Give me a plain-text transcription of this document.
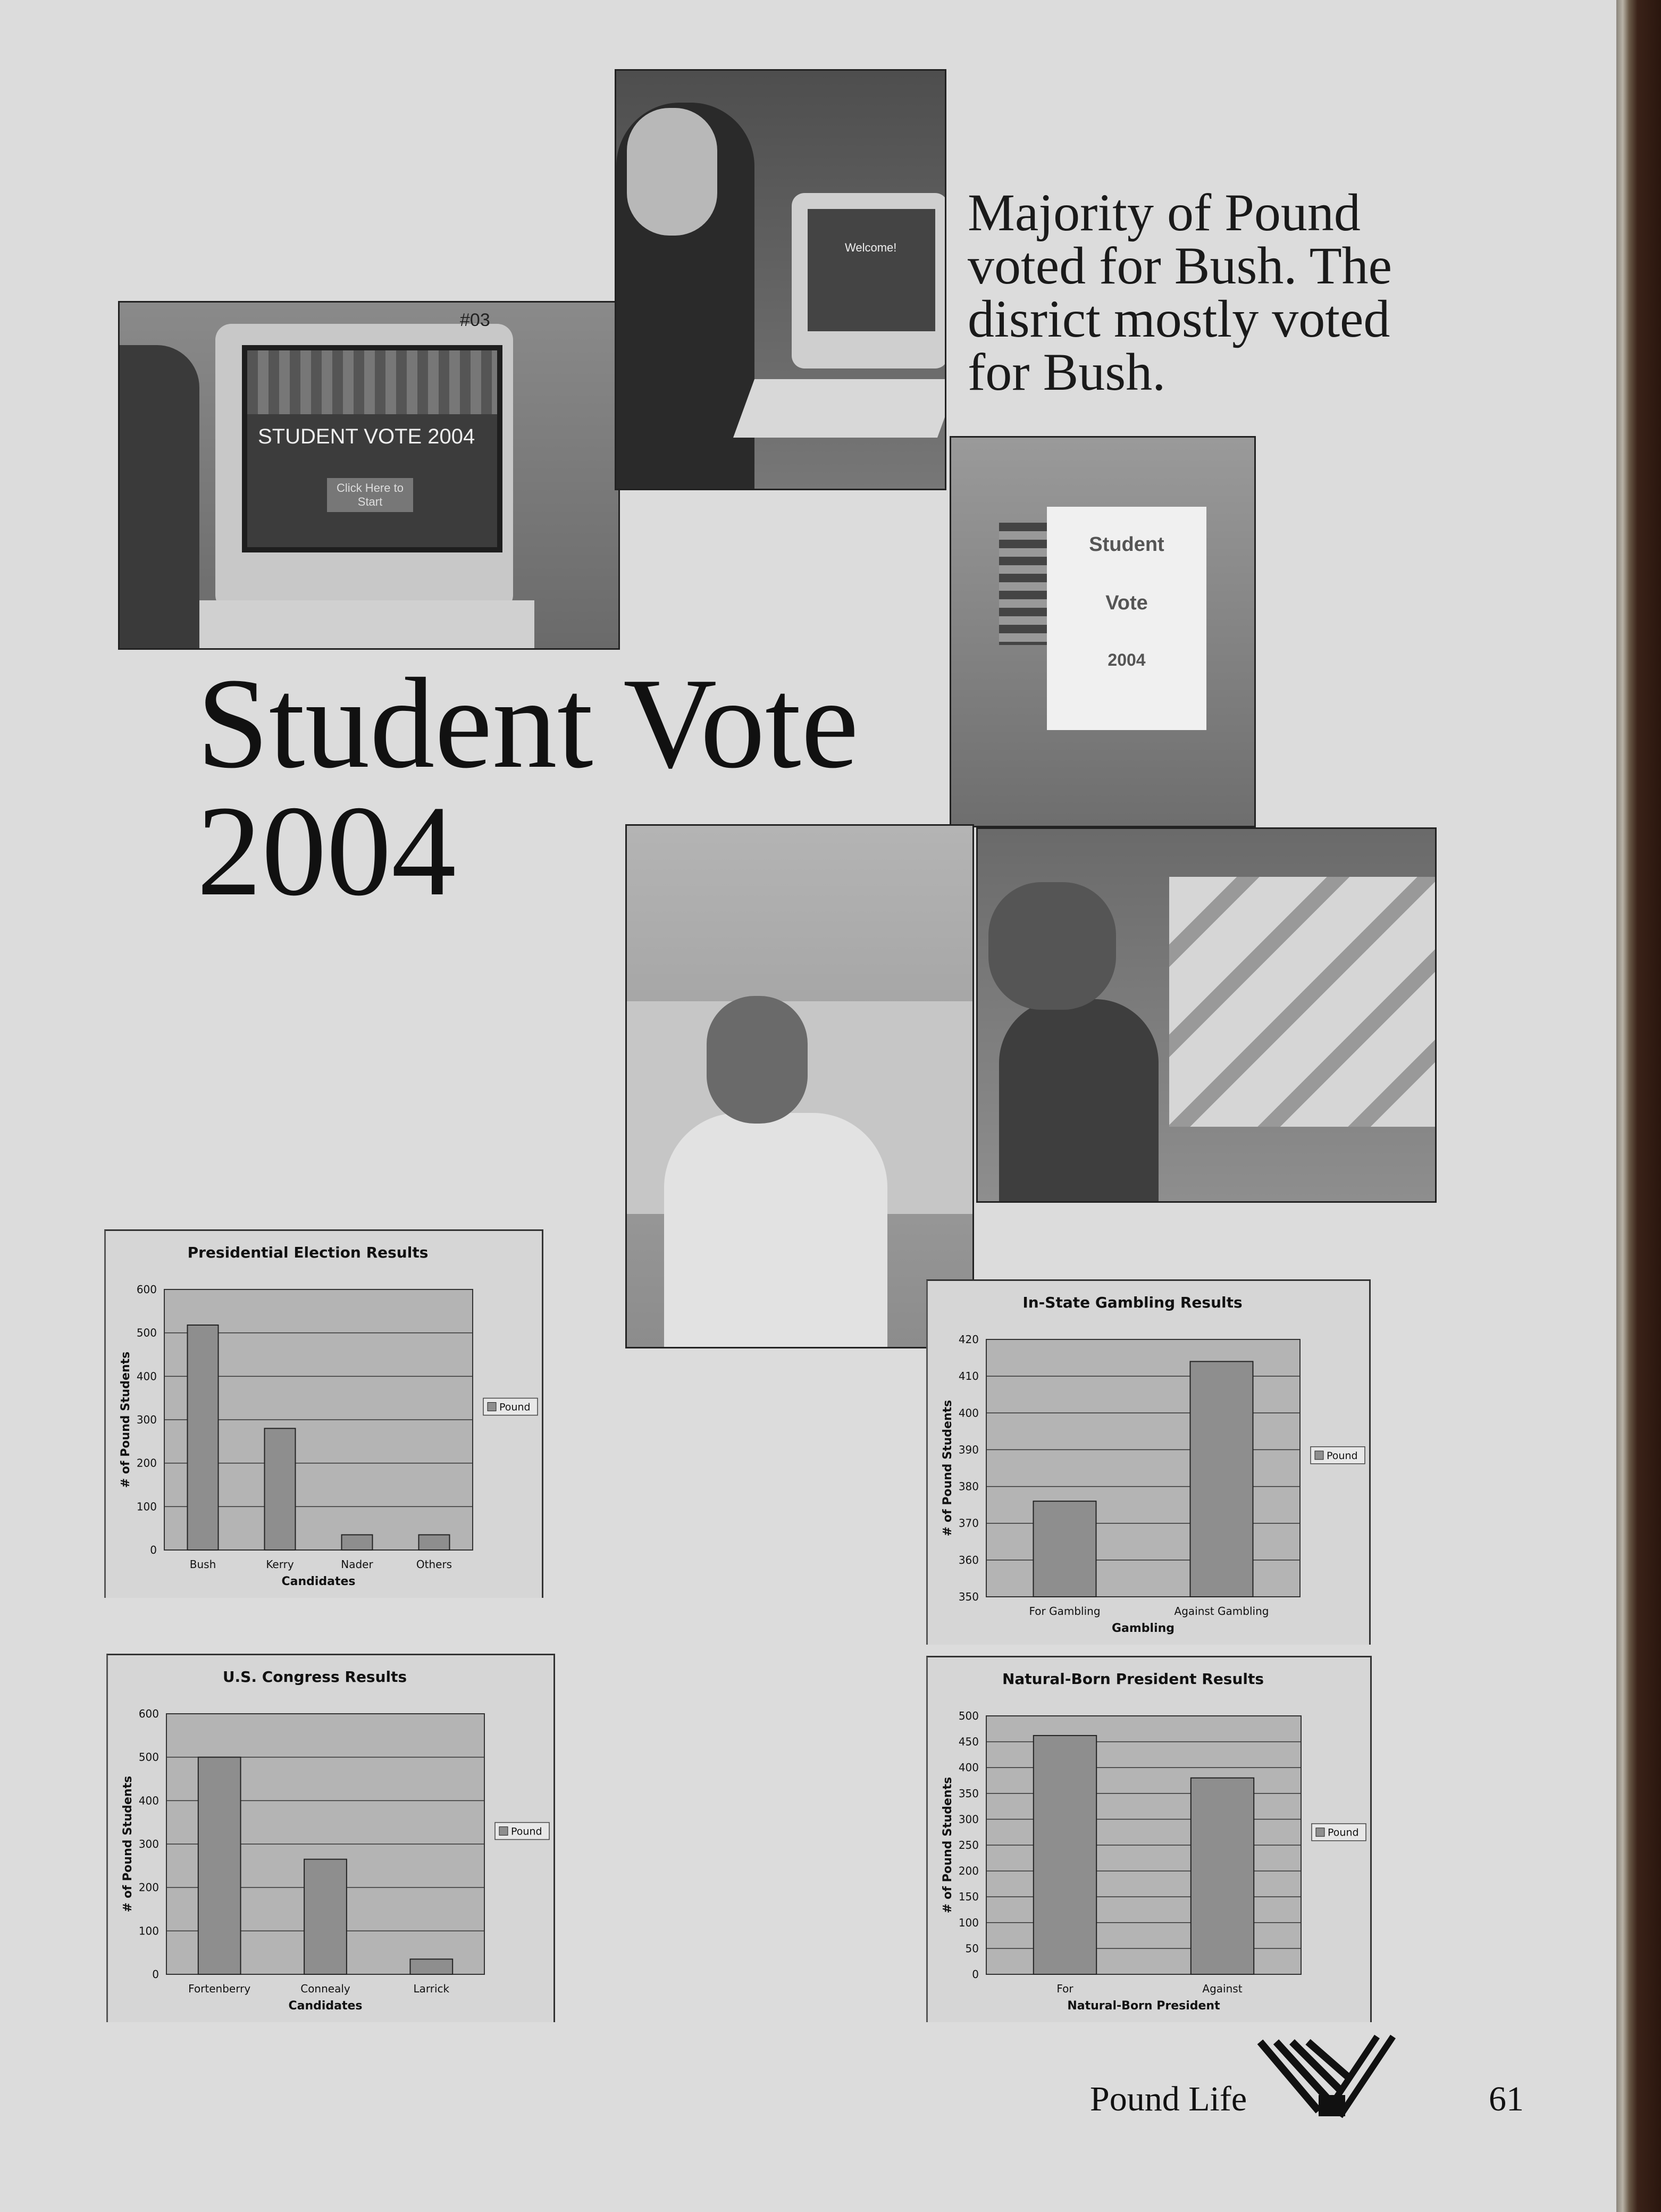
STUDENT VOTE 2004
Click Here to Start
#03
Welcome!
Majority of Pound voted for Bush. The disrict mostly voted for Bush.
Student
Vote
2004
Student Vote
2004
Presidential Election Results
0
100
200
300
400
500
600
Bush	Kerry	Nader	Others
Candidates
# of Pound Students	Pound
In-State Gambling Results
350
360
370
380
390
400
410
420
For Gambling	Against Gambling
Gambling
# of Pound Students	Pound
U.S. Congress Results
0
100
200
300
400
500
600
Fortenberry	Connealy	Larrick
Candidates
# of Pound Students	Pound
Natural-Born President Results
0
50
100
150
200
250
300
350
400
450
500
For	Against
Natural-Born President
# of Pound Students	Pound
Pound Life	61
